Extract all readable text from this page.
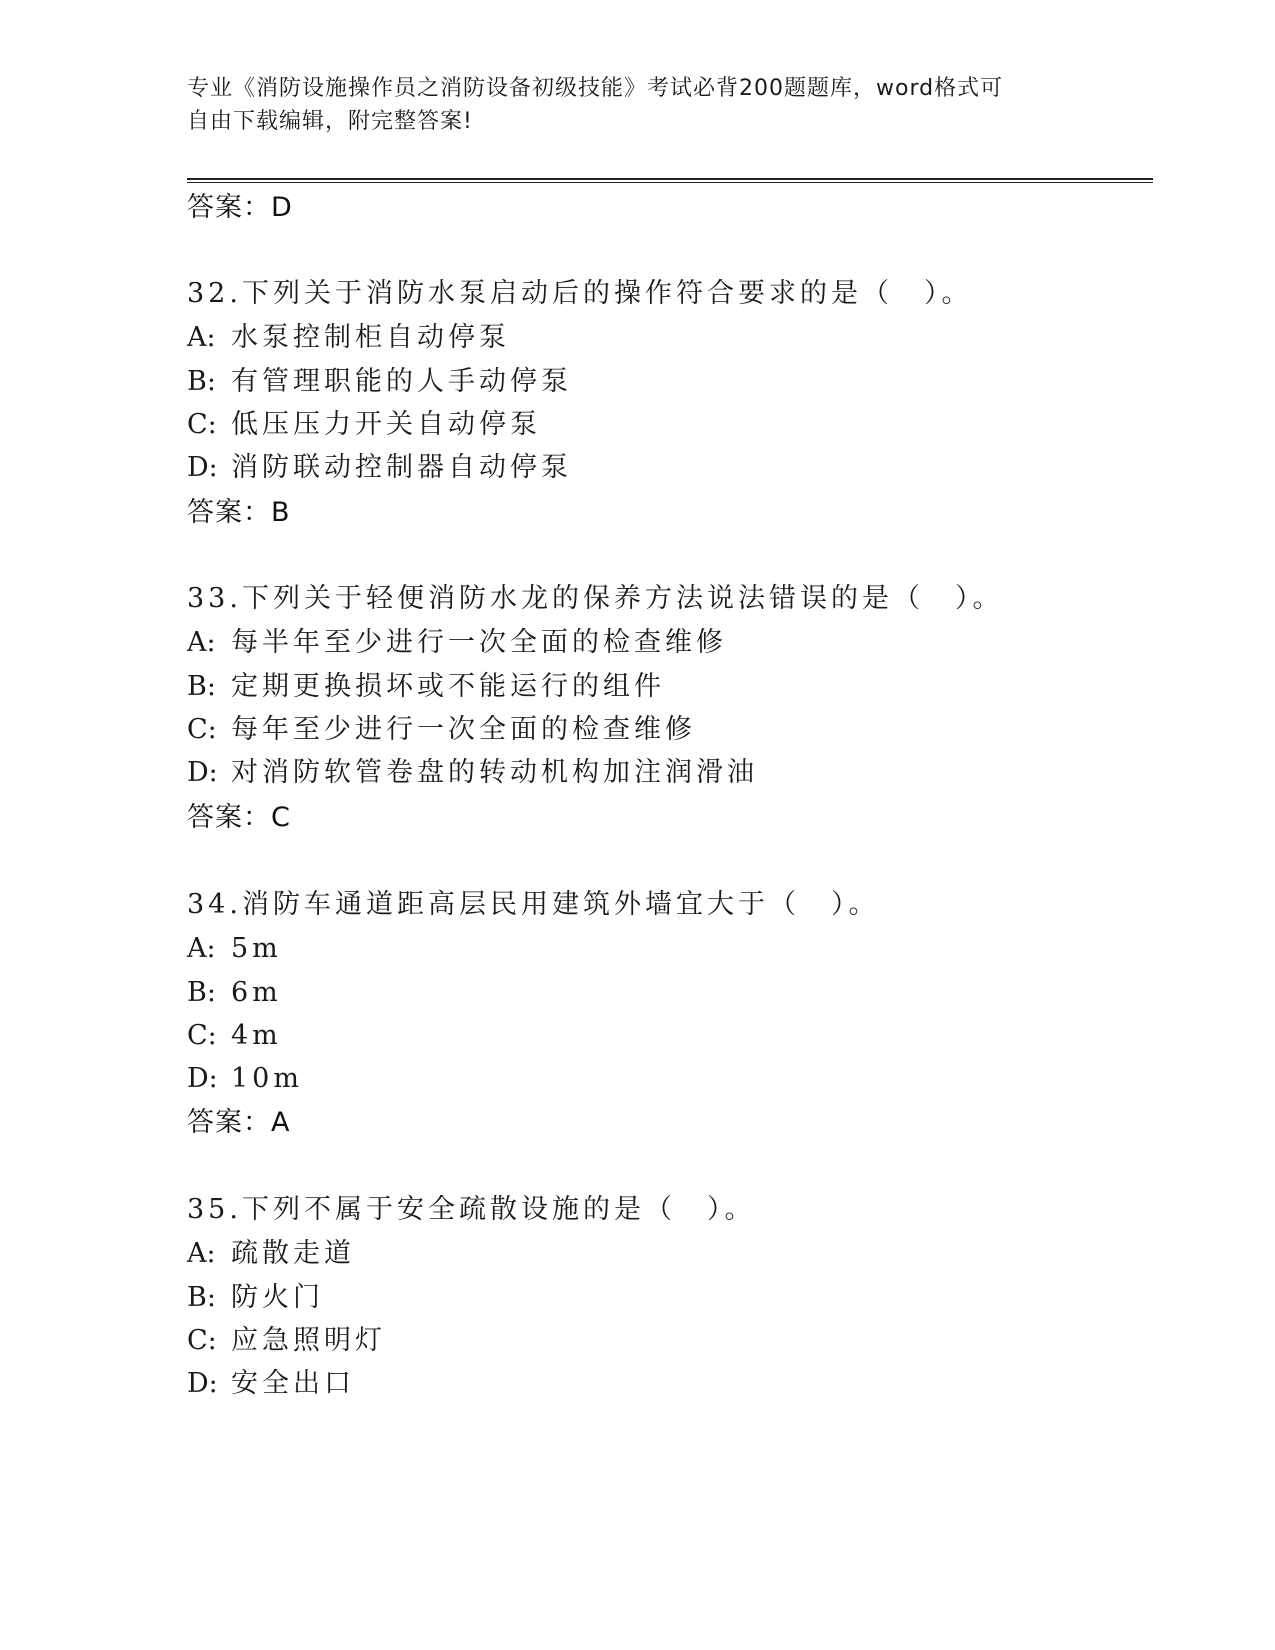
专业《消防设施操作员之消防设备初级技能》考试必背200题题库，word格式可
自由下载编辑，附完整答案!
答案：D
32.下列关于消防水泵启动后的操作符合要求的是（　）。
A: 水泵控制柜自动停泵
B: 有管理职能的人手动停泵
C: 低压压力开关自动停泵
D: 消防联动控制器自动停泵
答案：B
33.下列关于轻便消防水龙的保养方法说法错误的是（　）。
A: 每半年至少进行一次全面的检查维修
B: 定期更换损坏或不能运行的组件
C: 每年至少进行一次全面的检查维修
D: 对消防软管卷盘的转动机构加注润滑油
答案：C
34.消防车通道距高层民用建筑外墙宜大于（　）。
A: 5m
B: 6m
C: 4m
D: 10m
答案：A
35.下列不属于安全疏散设施的是（　）。
A: 疏散走道
B: 防火门
C: 应急照明灯
D: 安全出口
